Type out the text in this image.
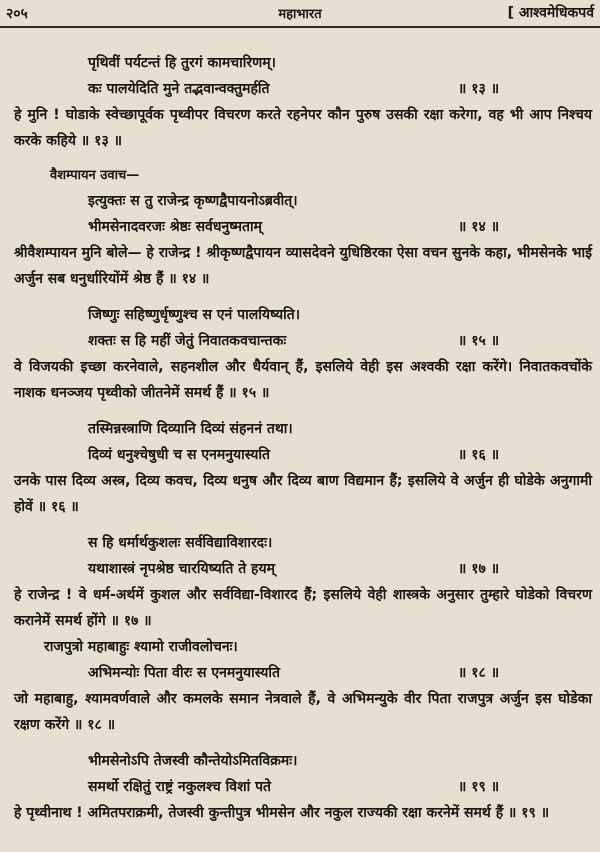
२०५	महाभारत	[ आश्वमेधिकपर्व
पृथिवीं पर्यटन्तं हि तुरगं कामचारिणम्।
कः पालयेदिति मुने तद्भवान्वक्तुमर्हति	॥ १३ ॥
हे मुनि ! घोडाके स्वेच्छापूर्वक पृथ्वीपर विचरण करते रहनेपर कौन पुरुष उसकी रक्षा करेगा, वह भी आप निश्चय करके कहिये ॥ १३ ॥
वैशम्पायन उवाच—
इत्युक्तः स तु राजेन्द्र कृष्णद्वैपायनोऽब्रवीत्।
भीमसेनादवरजः श्रेष्ठः सर्वधनुष्मताम्	॥ १४ ॥
श्रीवैशम्पायन मुनि बोले— हे राजेन्द्र ! श्रीकृष्णद्वैपायन व्यासदेवने युधिष्ठिरका ऐसा वचन सुनके कहा, भीमसेनके भाई अर्जुन सब धनुर्धारियोंमें श्रेष्ठ हैं ॥ १४ ॥
जिष्णुः सहिष्णुर्धृष्णुश्च स एनं पालयिष्यति।
शक्तः स हि महीं जेतुं निवातकवचान्तकः	॥ १५ ॥
वे विजयकी इच्छा करनेवाले, सहनशील और धैर्यवान् हैं, इसलिये वेही इस अश्वकी रक्षा करेंगे। निवातकवचोंके नाशक धनञ्जय पृथ्वीको जीतनेमें समर्थ हैं ॥ १५ ॥
तस्मिन्नस्त्राणि दिव्यानि दिव्यं संहननं तथा।
दिव्यं धनुश्चेषुधी च स एनमनुयास्यति	॥ १६ ॥
उनके पास दिव्य अस्त्र, दिव्य कवच, दिव्य धनुष और दिव्य बाण विद्यमान हैं; इसलिये वे अर्जुन ही घोडेके अनुगामी होवें ॥ १६ ॥
स हि धर्मार्थकुशलः सर्वविद्याविशारदः।
यथाशास्त्रं नृपश्रेष्ठ चारयिष्यति ते हयम्	॥ १७ ॥
हे राजेन्द्र ! वे धर्म-अर्थमें कुशल और सर्वविद्या-विशारद हैं; इसलिये वेही शास्त्रके अनुसार तुम्हारे घोडेको विचरण करानेमें समर्थ होंगे ॥ १७ ॥
राजपुत्रो महाबाहुः श्यामो राजीवलोचनः।
अभिमन्योः पिता वीरः स एनमनुयास्यति	॥ १८ ॥
जो महाबाहु, श्यामवर्णवाले और कमलके समान नेत्रवाले हैं, वे अभिमन्युके वीर पिता राजपुत्र अर्जुन इस घोडेका रक्षण करेंगे ॥ १८ ॥
भीमसेनोऽपि तेजस्वी कौन्तेयोऽमितविक्रमः।
समर्थो रक्षितुं राष्ट्रं नकुलश्च विशां पते	॥ १९ ॥
हे पृथ्वीनाथ ! अमितपराक्रमी, तेजस्वी कुन्तीपुत्र भीमसेन और नकुल राज्यकी रक्षा करनेमें समर्थ हैं ॥ १९ ॥
